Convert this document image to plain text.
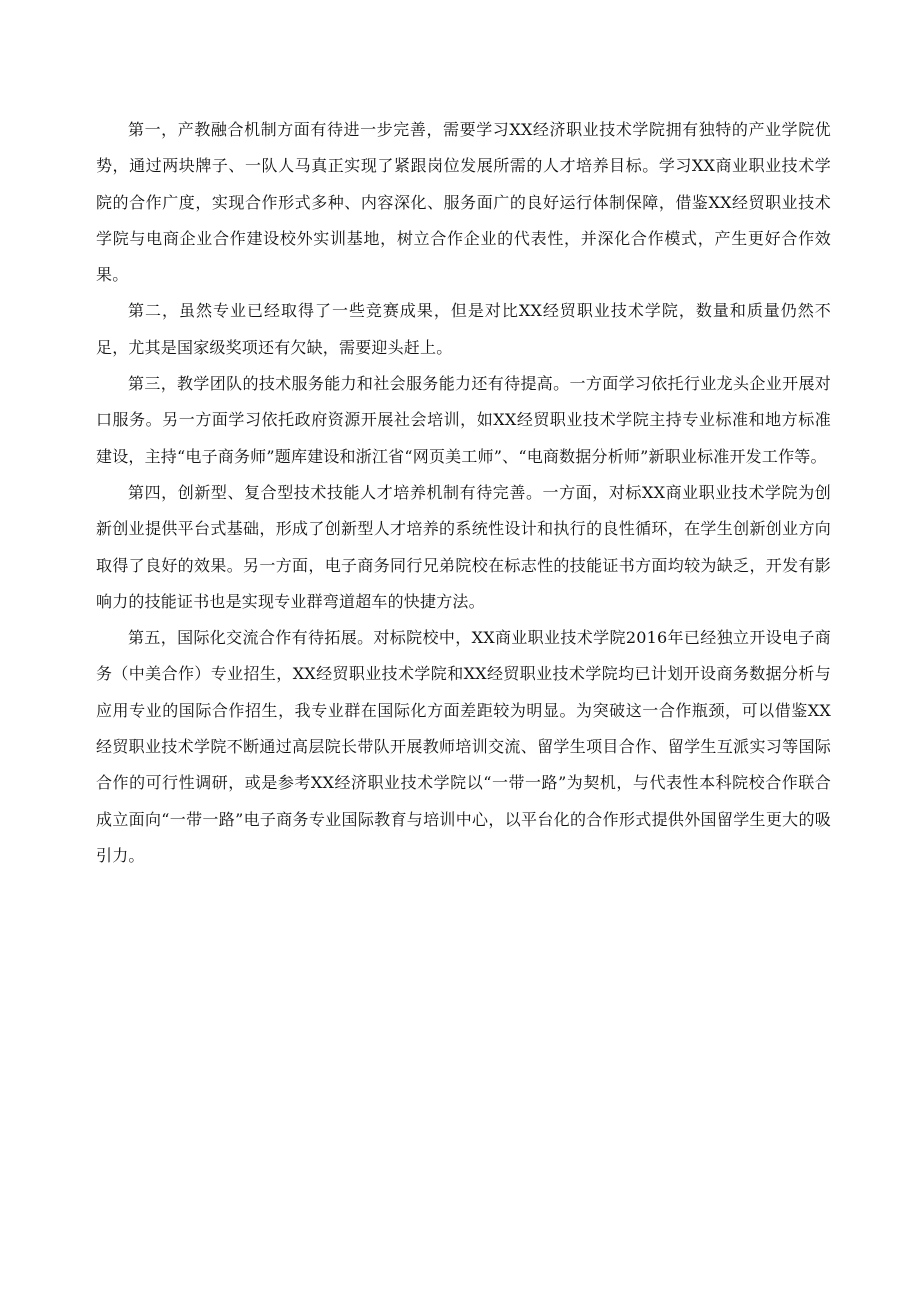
第一，产教融合机制方面有待进一步完善，需要学习XX经济职业技术学院拥有独特的产业学院优势，通过两块牌子、一队人马真正实现了紧跟岗位发展所需的人才培养目标。学习XX商业职业技术学院的合作广度，实现合作形式多种、内容深化、服务面广的良好运行体制保障，借鉴XX经贸职业技术学院与电商企业合作建设校外实训基地，树立合作企业的代表性，并深化合作模式，产生更好合作效果。

第二，虽然专业已经取得了一些竞赛成果，但是对比XX经贸职业技术学院，数量和质量仍然不足，尤其是国家级奖项还有欠缺，需要迎头赶上。

第三，教学团队的技术服务能力和社会服务能力还有待提高。一方面学习依托行业龙头企业开展对口服务。另一方面学习依托政府资源开展社会培训，如XX经贸职业技术学院主持专业标准和地方标准建设，主持“电子商务师”题库建设和浙江省“网页美工师”、“电商数据分析师”新职业标准开发工作等。

第四，创新型、复合型技术技能人才培养机制有待完善。一方面，对标XX商业职业技术学院为创新创业提供平台式基础，形成了创新型人才培养的系统性设计和执行的良性循环，在学生创新创业方向取得了良好的效果。另一方面，电子商务同行兄弟院校在标志性的技能证书方面均较为缺乏，开发有影响力的技能证书也是实现专业群弯道超车的快捷方法。

第五，国际化交流合作有待拓展。对标院校中，XX商业职业技术学院2016年已经独立开设电子商务（中美合作）专业招生，XX经贸职业技术学院和XX经贸职业技术学院均已计划开设商务数据分析与应用专业的国际合作招生，我专业群在国际化方面差距较为明显。为突破这一合作瓶颈，可以借鉴XX经贸职业技术学院不断通过高层院长带队开展教师培训交流、留学生项目合作、留学生互派实习等国际合作的可行性调研，或是参考XX经济职业技术学院以“一带一路”为契机，与代表性本科院校合作联合成立面向“一带一路”电子商务专业国际教育与培训中心，以平台化的合作形式提供外国留学生更大的吸引力。
